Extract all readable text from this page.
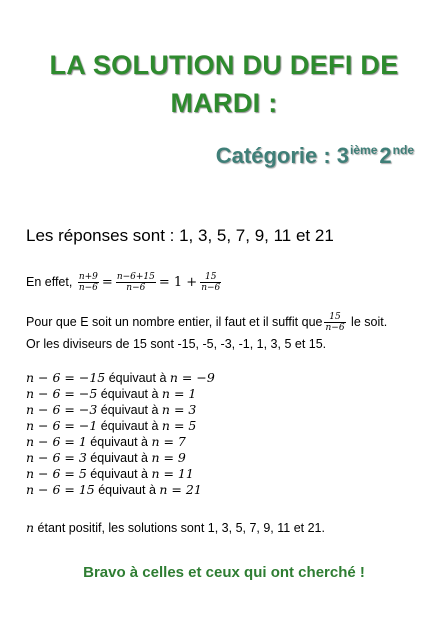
LA SOLUTION DU DEFI DE
MARDI :
Catégorie : 3ième2nde
Les réponses sont : 1, 3, 5, 7, 9, 11 et 21
En effet, $\frac{n+9}{n-6} = \frac{n-6+15}{n-6} = 1 + \frac{15}{n-6}$
Pour que E soit un nombre entier, il faut et il suffit que $\frac{15}{n-6}$ le soit.
Or les diviseurs de 15 sont -15, -5, -3, -1, 1, 3, 5 et 15.
n − 6 = −15 équivaut à n = −9
n − 6 = −5 équivaut à n = 1
n − 6 = −3 équivaut à n = 3
n − 6 = −1 équivaut à n = 5
n − 6 = 1 équivaut à n = 7
n − 6 = 3 équivaut à n = 9
n − 6 = 5 équivaut à n = 11
n − 6 = 15 équivaut à n = 21
n étant positif, les solutions sont 1, 3, 5, 7, 9, 11 et 21.
Bravo à celles et ceux qui ont cherché !
